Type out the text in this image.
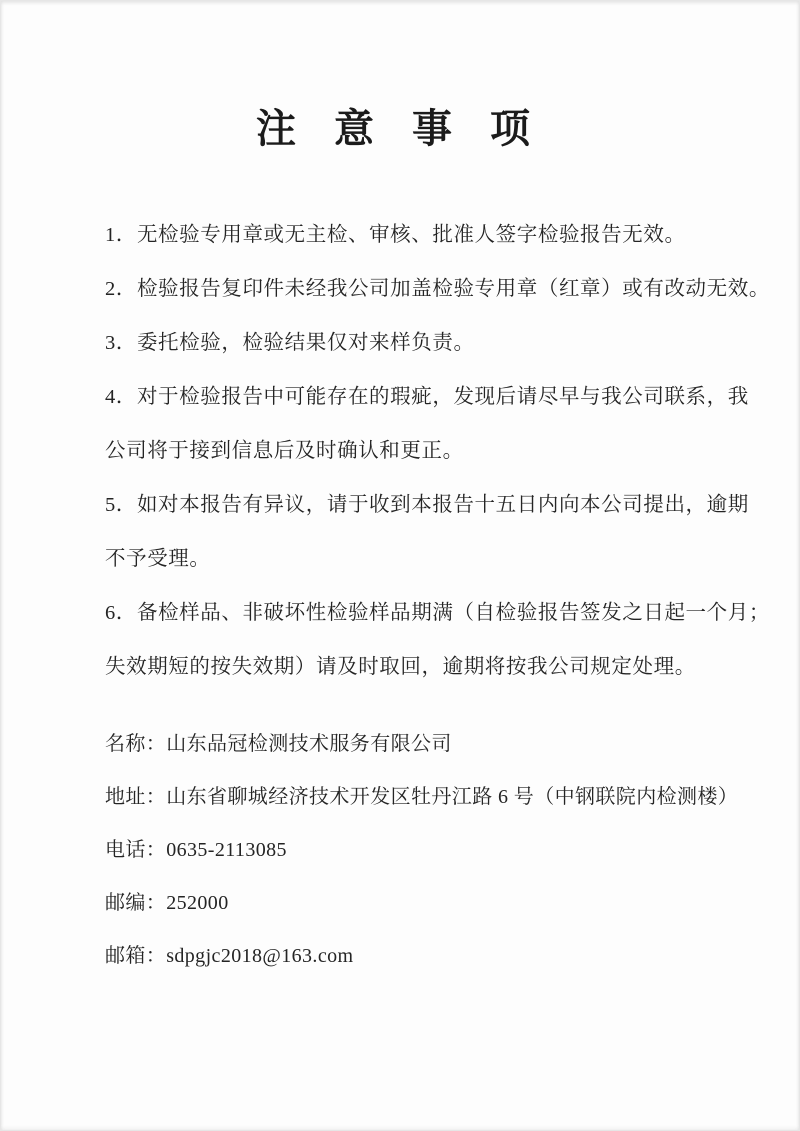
注 意 事 项

1．无检验专用章或无主检、审核、批准人签字检验报告无效。

2．检验报告复印件未经我公司加盖检验专用章（红章）或有改动无效。

3．委托检验，检验结果仅对来样负责。

4．对于检验报告中可能存在的瑕疵，发现后请尽早与我公司联系，我

公司将于接到信息后及时确认和更正。

5．如对本报告有异议，请于收到本报告十五日内向本公司提出，逾期

不予受理。

6．备检样品、非破坏性检验样品期满（自检验报告签发之日起一个月；

失效期短的按失效期）请及时取回，逾期将按我公司规定处理。

名称：山东品冠检测技术服务有限公司

地址：山东省聊城经济技术开发区牡丹江路 6 号（中钢联院内检测楼）

电话：0635-2113085

邮编：252000

邮箱：sdpgjc2018@163.com
